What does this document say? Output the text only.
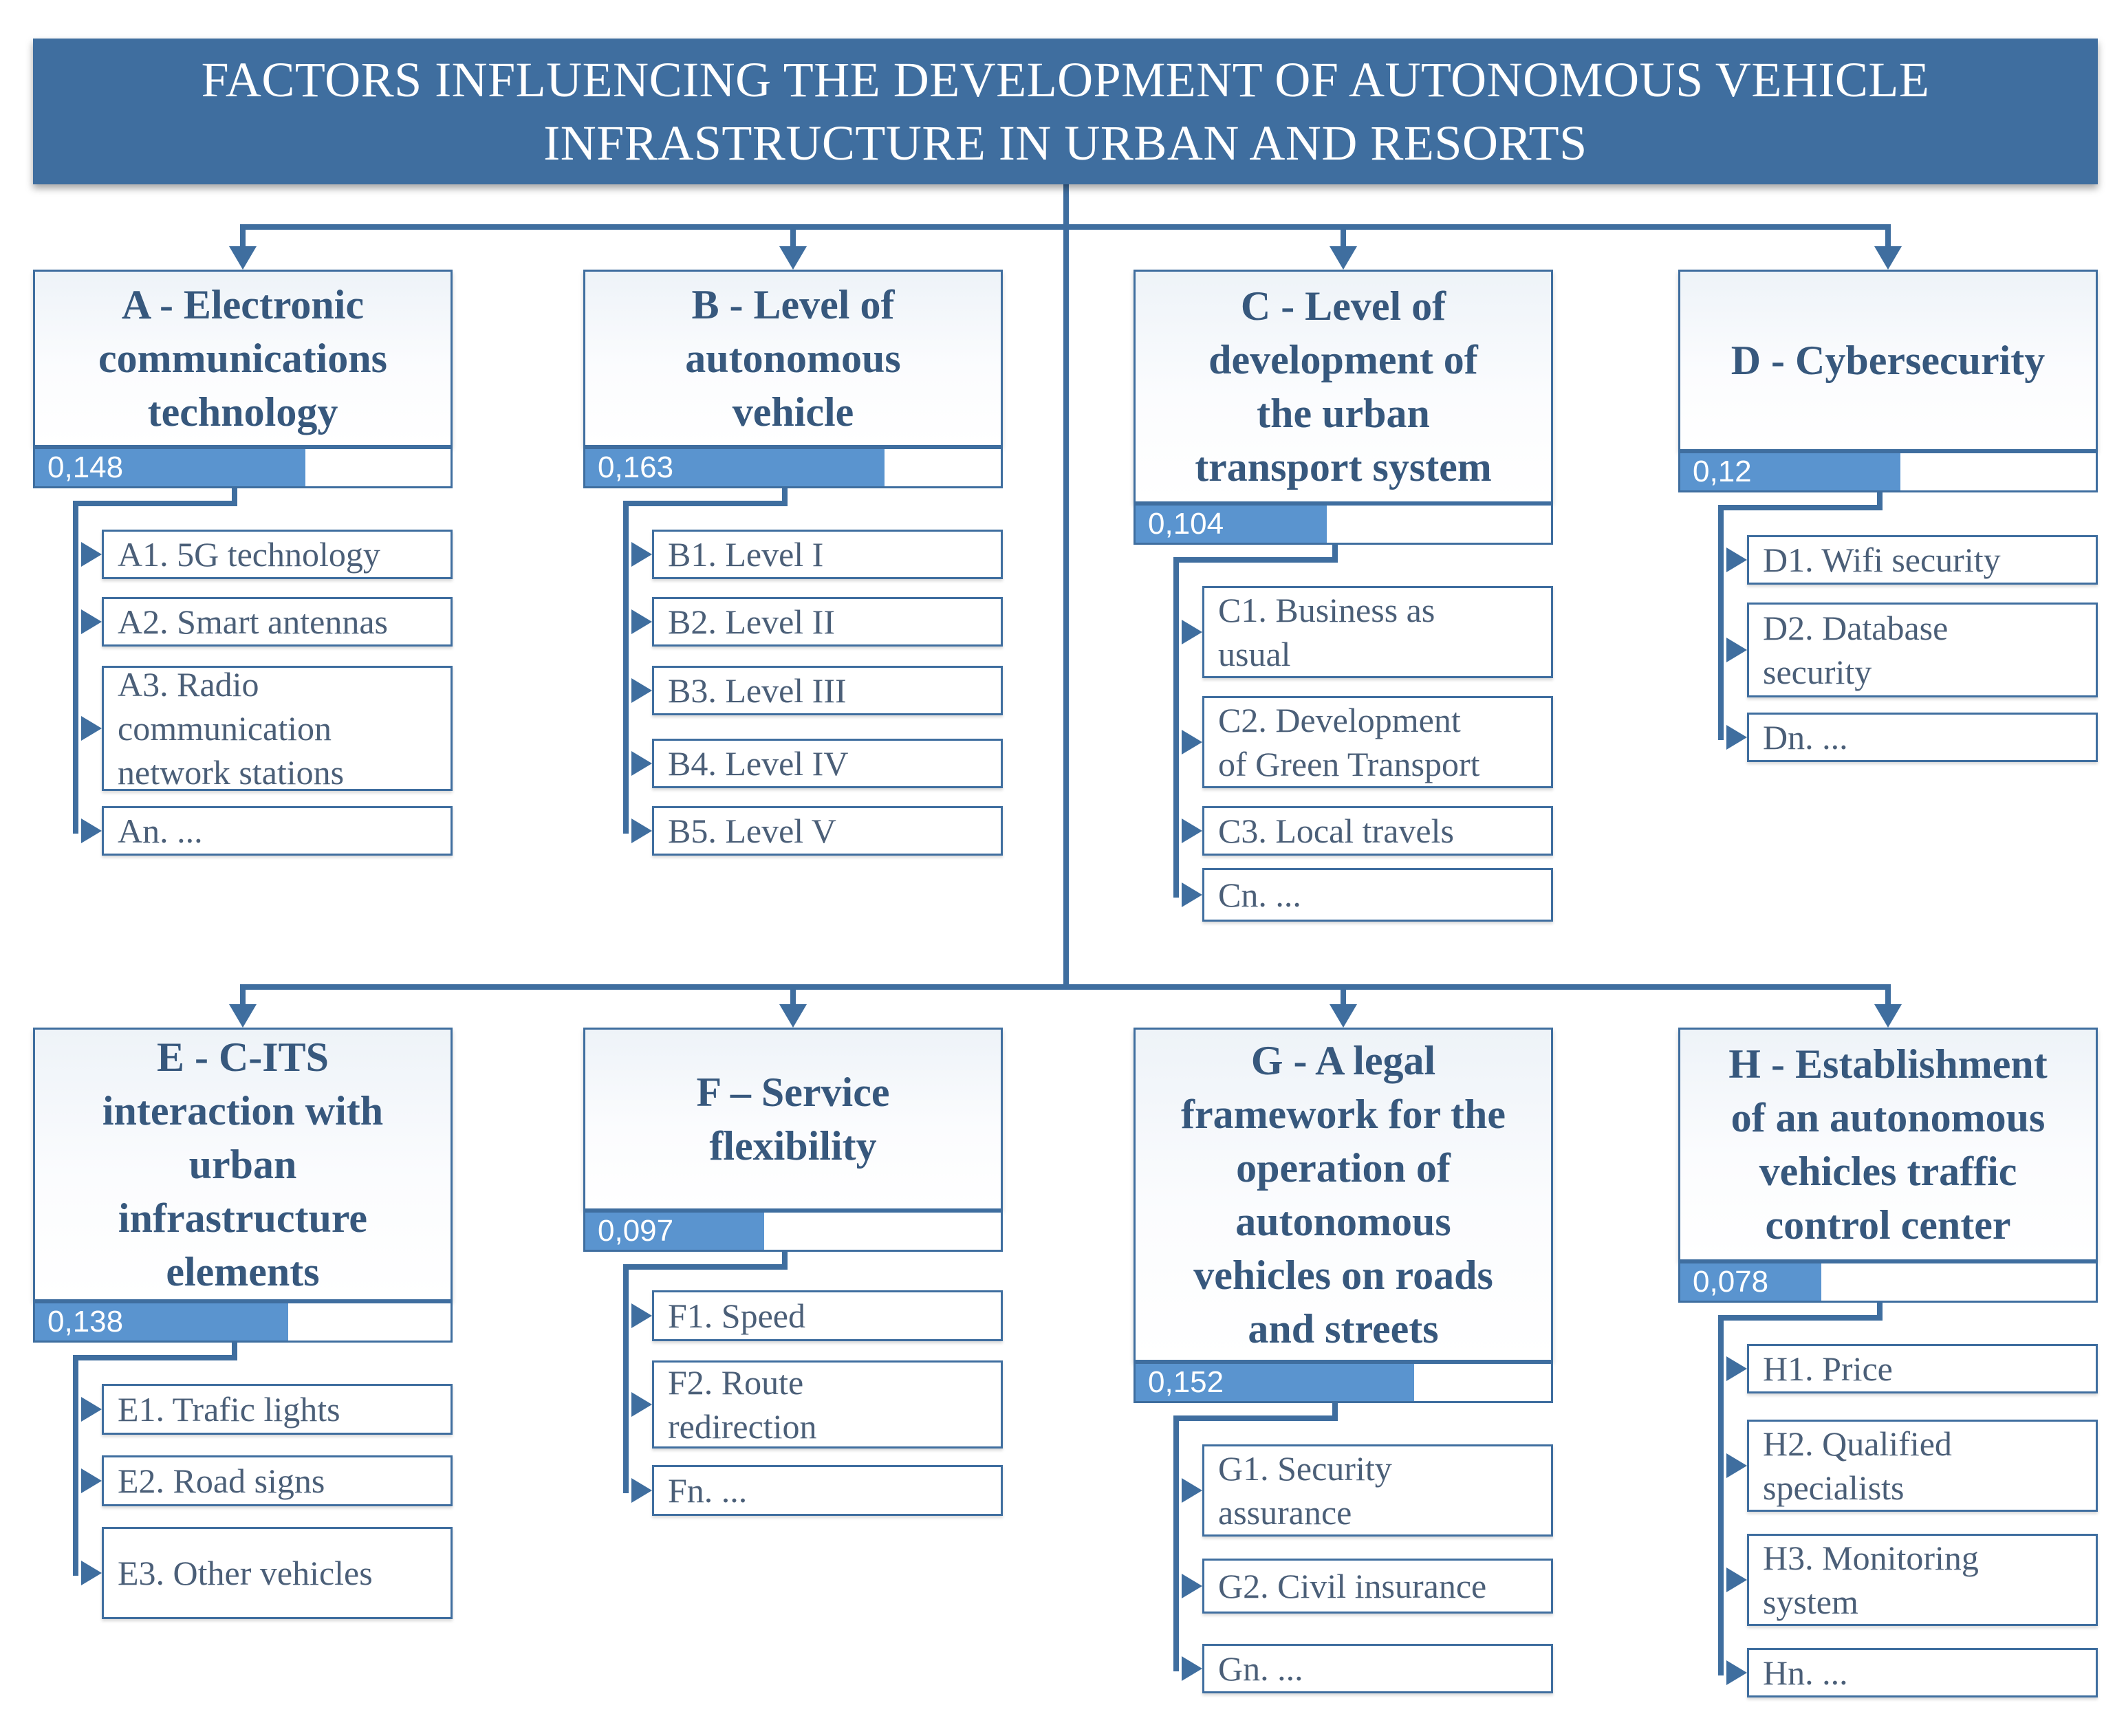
FACTORS INFLUENCING THE DEVELOPMENT OF AUTONOMOUS VEHICLE
INFRASTRUCTURE IN URBAN AND RESORTS
A - Electronic
communications
technology
0,148
A1. 5G technology
A2. Smart antennas
A3. Radio
communication
network stations
An. ...
B - Level of
autonomous
vehicle
0,163
B1. Level I
B2. Level II
B3. Level III
B4. Level IV
B5. Level V
C - Level of
development of
the urban
transport system
0,104
C1. Business as
usual
C2. Development
of Green Transport
C3. Local travels
Cn. ...
D - Cybersecurity
0,12
D1. Wifi security
D2. Database
security
Dn. ...
E - C-ITS
interaction with
urban
infrastructure
elements
0,138
E1. Trafic lights
E2. Road signs
E3. Other vehicles
F – Service
flexibility
0,097
F1. Speed
F2. Route
redirection
Fn. ...
G - A legal
framework for the
operation of
autonomous
vehicles on roads
and streets
0,152
G1. Security
assurance
G2. Civil insurance
Gn. ...
H - Establishment
of an autonomous
vehicles traffic
control center
0,078
H1. Price
H2. Qualified
specialists
H3. Monitoring
system
Hn. ...
